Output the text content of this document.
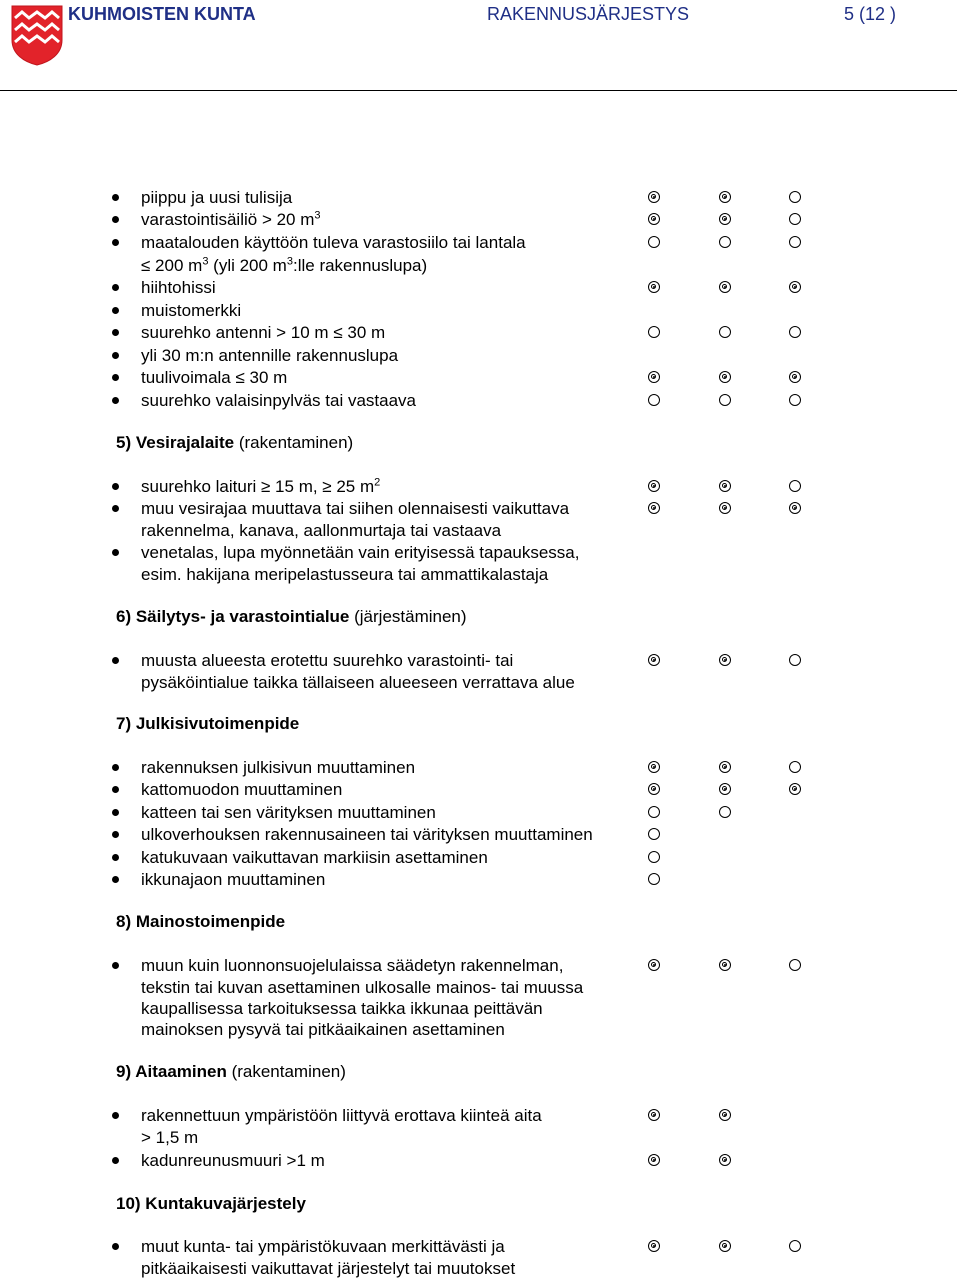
KUHMOISTEN KUNTA	RAKENNUSJÄRJESTYS	5 (12 )
5) Vesirajalaite (rakentaminen)
6) Säilytys- ja varastointialue (järjestäminen)
7) Julkisivutoimenpide
8) Mainostoimenpide
9) Aitaaminen (rakentaminen)
10) Kuntakuvajärjestely
piippu ja uusi tulisija
varastointisäiliö > 20 $m^3$
maatalouden käyttöön tuleva varastosiilo tai lantala
≤ 200 $m^3$ (yli 200 $m^3:lle$ rakennuslupa)
hiihtohissi
muistomerkki
suurehko antenni > 10 m ≤ 30 m
yli 30 m:n antennille rakennuslupa
tuulivoimala ≤ 30 m
suurehko valaisinpylväs tai vastaava
suurehko laituri ≥ 15 m, ≥ 25 $m^2$
muu vesirajaa muuttava tai siihen olennaisesti vaikuttava
rakennelma, kanava, aallonmurtaja tai vastaava
venetalas, lupa myönnetään vain erityisessä tapauksessa,
esim. hakijana meripelastusseura tai ammattikalastaja
muusta alueesta erotettu suurehko varastointi- tai
pysäköintialue taikka tällaiseen alueeseen verrattava alue
rakennuksen julkisivun muuttaminen
kattomuodon muuttaminen
katteen tai sen värityksen muuttaminen
ulkoverhouksen rakennusaineen tai värityksen muuttaminen
katukuvaan vaikuttavan markiisin asettaminen
ikkunajaon muuttaminen
muun kuin luonnonsuojelulaissa säädetyn rakennelman,
tekstin tai kuvan asettaminen ulkosalle mainos- tai muussa
kaupallisessa tarkoituksessa taikka ikkunaa peittävän
mainoksen pysyvä tai pitkäaikainen asettaminen
rakennettuun ympäristöön liittyvä erottava kiinteä aita
> 1,5 m
kadunreunusmuuri >1 m
muut kunta- tai ympäristökuvaan merkittävästi ja
pitkäaikaisesti vaikuttavat järjestelyt tai muutokset
